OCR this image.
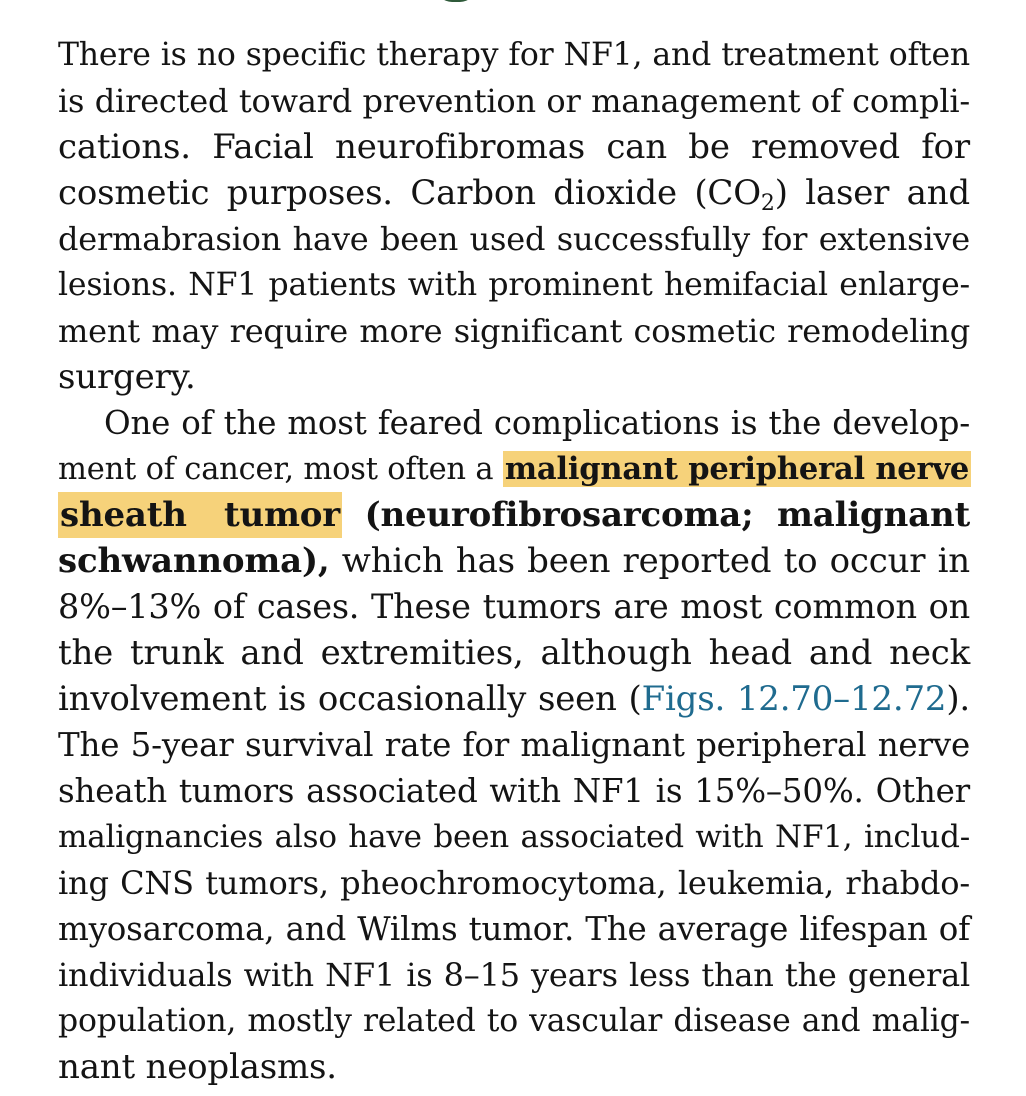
There is no specific therapy for NF1, and treatment often
is directed toward prevention or management of compli-
cations. Facial neurofibromas can be removed for
cosmetic purposes. Carbon dioxide $(CO_2)$ laser and
dermabrasion have been used successfully for extensive
lesions. NF1 patients with prominent hemifacial enlarge-
ment may require more significant cosmetic remodeling
surgery.
One of the most feared complications is the develop-
ment of cancer, most often a malignant peripheral nerve
sheath tumor (neurofibrosarcoma; malignant
schwannoma), which has been reported to occur in
8%–13% of cases. These tumors are most common on
the trunk and extremities, although head and neck
involvement is occasionally seen (Figs. 12.70–12.72).
The 5-year survival rate for malignant peripheral nerve
sheath tumors associated with NF1 is 15%–50%. Other
malignancies also have been associated with NF1, includ-
ing CNS tumors, pheochromocytoma, leukemia, rhabdo-
myosarcoma, and Wilms tumor. The average lifespan of
individuals with NF1 is 8–15 years less than the general
population, mostly related to vascular disease and malig-
nant neoplasms.
